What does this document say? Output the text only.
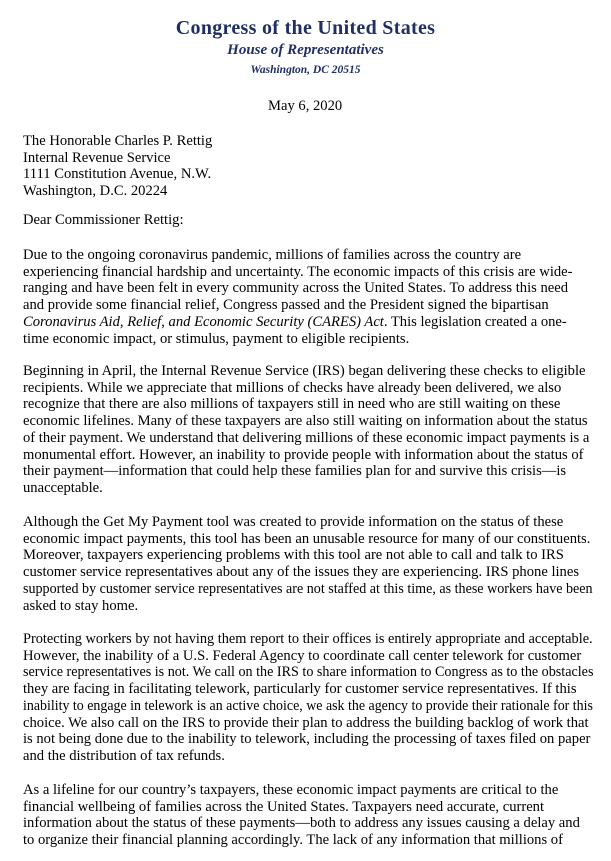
Congress of the United States
House of Representatives
Washington, DC 20515
May 6, 2020
The Honorable Charles P. Rettig
Internal Revenue Service
1111 Constitution Avenue, N.W.
Washington, D.C. 20224
Dear Commissioner Rettig:
Due to the ongoing coronavirus pandemic, millions of families across the country are
experiencing financial hardship and uncertainty. The economic impacts of this crisis are wide-
ranging and have been felt in every community across the United States. To address this need
and provide some financial relief, Congress passed and the President signed the bipartisan
Coronavirus Aid, Relief, and Economic Security (CARES) Act. This legislation created a one-
time economic impact, or stimulus, payment to eligible recipients.
Beginning in April, the Internal Revenue Service (IRS) began delivering these checks to eligible
recipients. While we appreciate that millions of checks have already been delivered, we also
recognize that there are also millions of taxpayers still in need who are still waiting on these
economic lifelines. Many of these taxpayers are also still waiting on information about the status
of their payment. We understand that delivering millions of these economic impact payments is a
monumental effort. However, an inability to provide people with information about the status of
their payment—information that could help these families plan for and survive this crisis—is
unacceptable.
Although the Get My Payment tool was created to provide information on the status of these
economic impact payments, this tool has been an unusable resource for many of our constituents.
Moreover, taxpayers experiencing problems with this tool are not able to call and talk to IRS
customer service representatives about any of the issues they are experiencing. IRS phone lines
supported by customer service representatives are not staffed at this time, as these workers have been
asked to stay home.
Protecting workers by not having them report to their offices is entirely appropriate and acceptable.
However, the inability of a U.S. Federal Agency to coordinate call center telework for customer
service representatives is not. We call on the IRS to share information to Congress as to the obstacles
they are facing in facilitating telework, particularly for customer service representatives. If this
inability to engage in telework is an active choice, we ask the agency to provide their rationale for this
choice. We also call on the IRS to provide their plan to address the building backlog of work that
is not being done due to the inability to telework, including the processing of taxes filed on paper
and the distribution of tax refunds.
As a lifeline for our country’s taxpayers, these economic impact payments are critical to the
financial wellbeing of families across the United States. Taxpayers need accurate, current
information about the status of these payments—both to address any issues causing a delay and
to organize their financial planning accordingly. The lack of any information that millions of
